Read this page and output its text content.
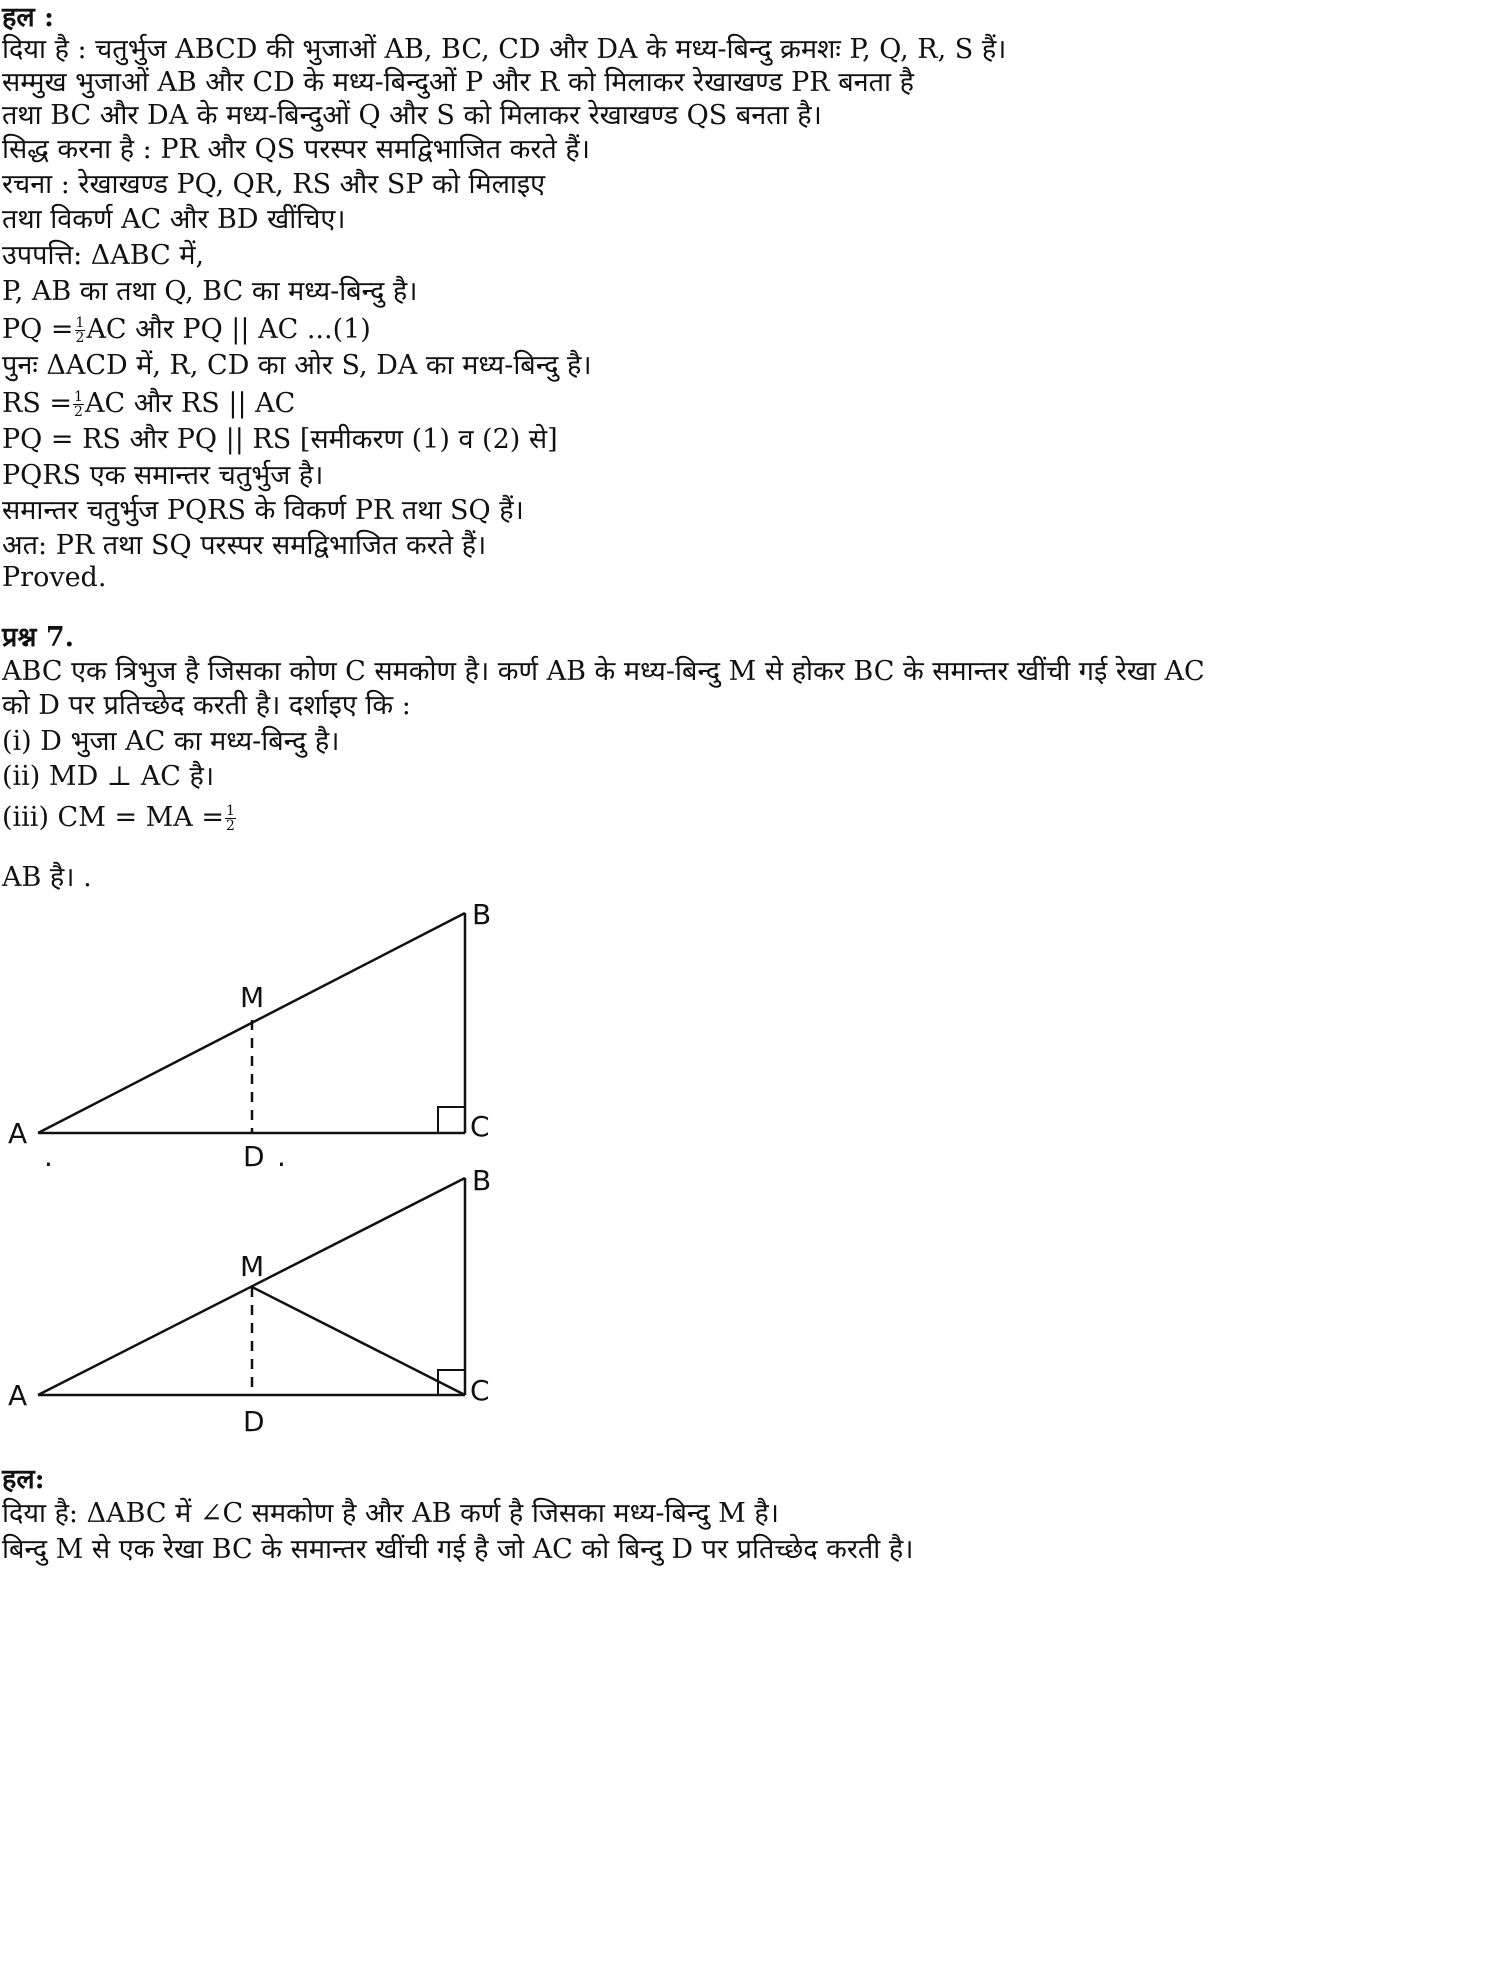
हल :
दिया है : चतुर्भुज ABCD की भुजाओं AB, BC, CD और DA के मध्य-बिन्दु क्रमशः P, Q, R, S हैं।
सम्मुख भुजाओं AB और CD के मध्य-बिन्दुओं P और R को मिलाकर रेखाखण्ड PR बनता है
तथा BC और DA के मध्य-बिन्दुओं Q और S को मिलाकर रेखाखण्ड QS बनता है।
सिद्ध करना है : PR और QS परस्पर समद्विभाजित करते हैं।
रचना : रेखाखण्ड PQ, QR, RS और SP को मिलाइए
तथा विकर्ण AC और BD खींचिए।
उपपत्ति: ΔABC में,
P, AB का तथा Q, BC का मध्य-बिन्दु है।
PQ = $\frac{1}{2}$ AC और PQ || AC ...(1)
पुनः ΔACD में, R, CD का ओर S, DA का मध्य-बिन्दु है।
RS = $\frac{1}{2}$ AC और RS || AC
PQ = RS और PQ || RS [समीकरण (1) व (2) से]
PQRS एक समान्तर चतुर्भुज है।
समान्तर चतुर्भुज PQRS के विकर्ण PR तथा SQ हैं।
अत: PR तथा SQ परस्पर समद्विभाजित करते हैं।
Proved.
प्रश्न 7.
ABC एक त्रिभुज है जिसका कोण C समकोण है। कर्ण AB के मध्य-बिन्दु M से होकर BC के समान्तर खींची गई रेखा AC
को D पर प्रतिच्छेद करती है। दर्शाइए कि :
(i) D भुजा AC का मध्य-बिन्दु है।
(ii) MD ⊥ AC है।
(iii) CM = MA = $\frac{1}{2}$
AB है। .
A
B
C
M
D
.	.
A
B
C
M
D
हल:
दिया है: ΔABC में ∠C समकोण है और AB कर्ण है जिसका मध्य-बिन्दु M है।
बिन्दु M से एक रेखा BC के समान्तर खींची गई है जो AC को बिन्दु D पर प्रतिच्छेद करती है।
